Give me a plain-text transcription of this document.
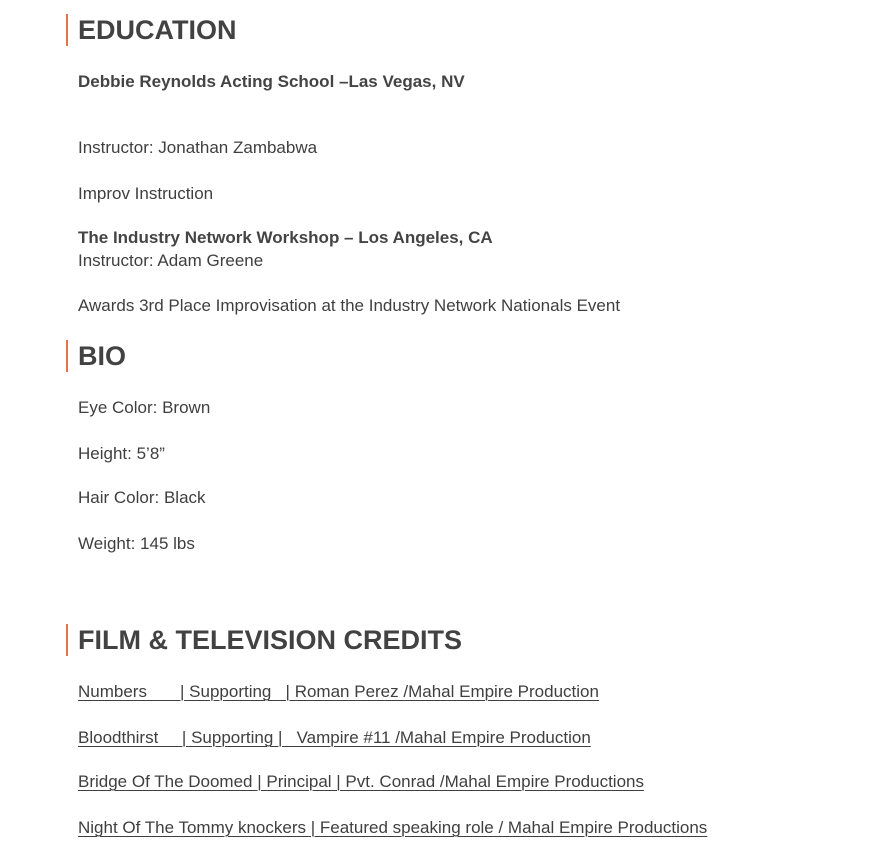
EDUCATION

Debbie Reynolds Acting School –Las Vegas, NV

Instructor: Jonathan Zambabwa

Improv Instruction

The Industry Network Workshop – Los Angeles, CA

Instructor: Adam Greene

Awards 3rd Place Improvisation at the Industry Network Nationals Event

BIO

Eye Color: Brown

Height: 5’8”

Hair Color: Black

Weight: 145 lbs

FILM & TELEVISION CREDITS
Numbers       | Supporting   | Roman Perez /Mahal Empire Production
Bloodthirst     | Supporting |   Vampire #11 /Mahal Empire Production
Bridge Of The Doomed | Principal | Pvt. Conrad /Mahal Empire Productions
Night Of The Tommy knockers | Featured speaking role / Mahal Empire Productions
